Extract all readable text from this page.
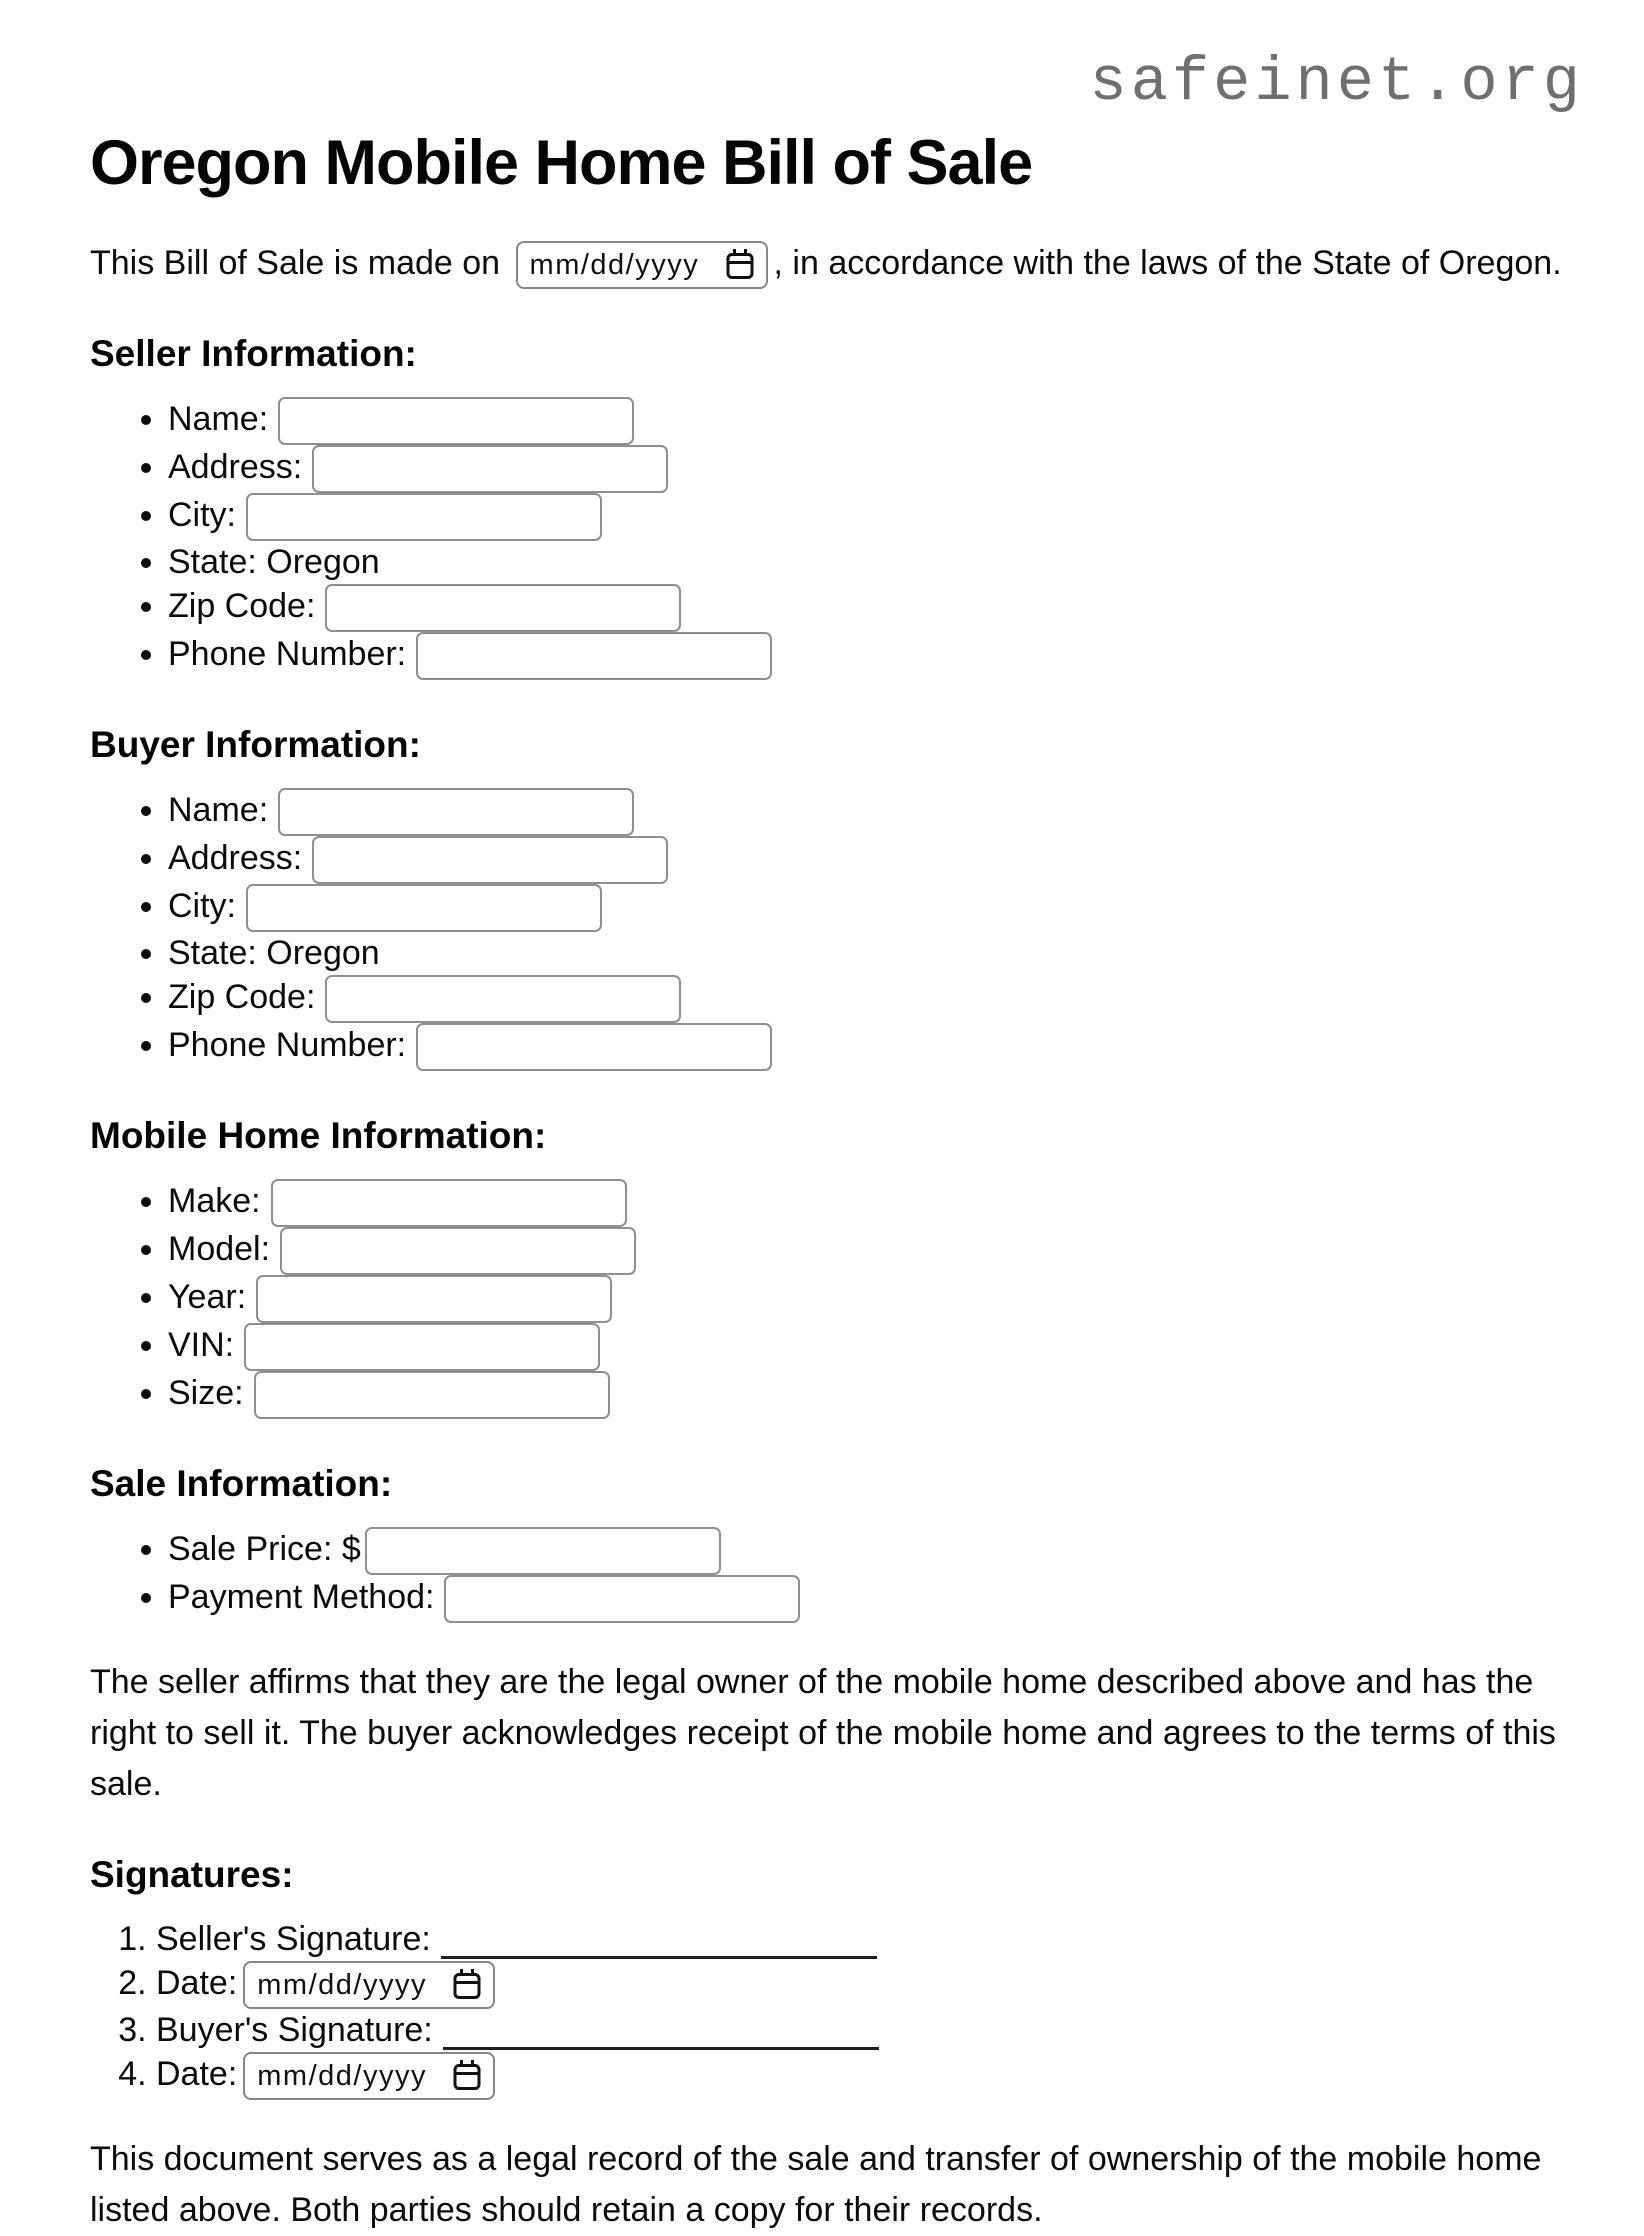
safeinet.org
Oregon Mobile Home Bill of Sale

This Bill of Sale is made on mm/dd/yyyy , in accordance with the laws of the State of Oregon.

Seller Information:
• Name:
• Address:
• City:
• State: Oregon
• Zip Code:
• Phone Number:
Buyer Information:
• Name:
• Address:
• City:
• State: Oregon
• Zip Code:
• Phone Number:
Mobile Home Information:
• Make:
• Model:
• Year:
• VIN:
• Size:
Sale Information:
• Sale Price: $
• Payment Method:

The seller affirms that they are the legal owner of the mobile home described above and has the right to sell it. The buyer acknowledges receipt of the mobile home and agrees to the terms of this sale.

Signatures:
1. Seller's Signature:
2. Date: mm/dd/yyyy
3. Buyer's Signature:
4. Date: mm/dd/yyyy

This document serves as a legal record of the sale and transfer of ownership of the mobile home listed above. Both parties should retain a copy for their records.
